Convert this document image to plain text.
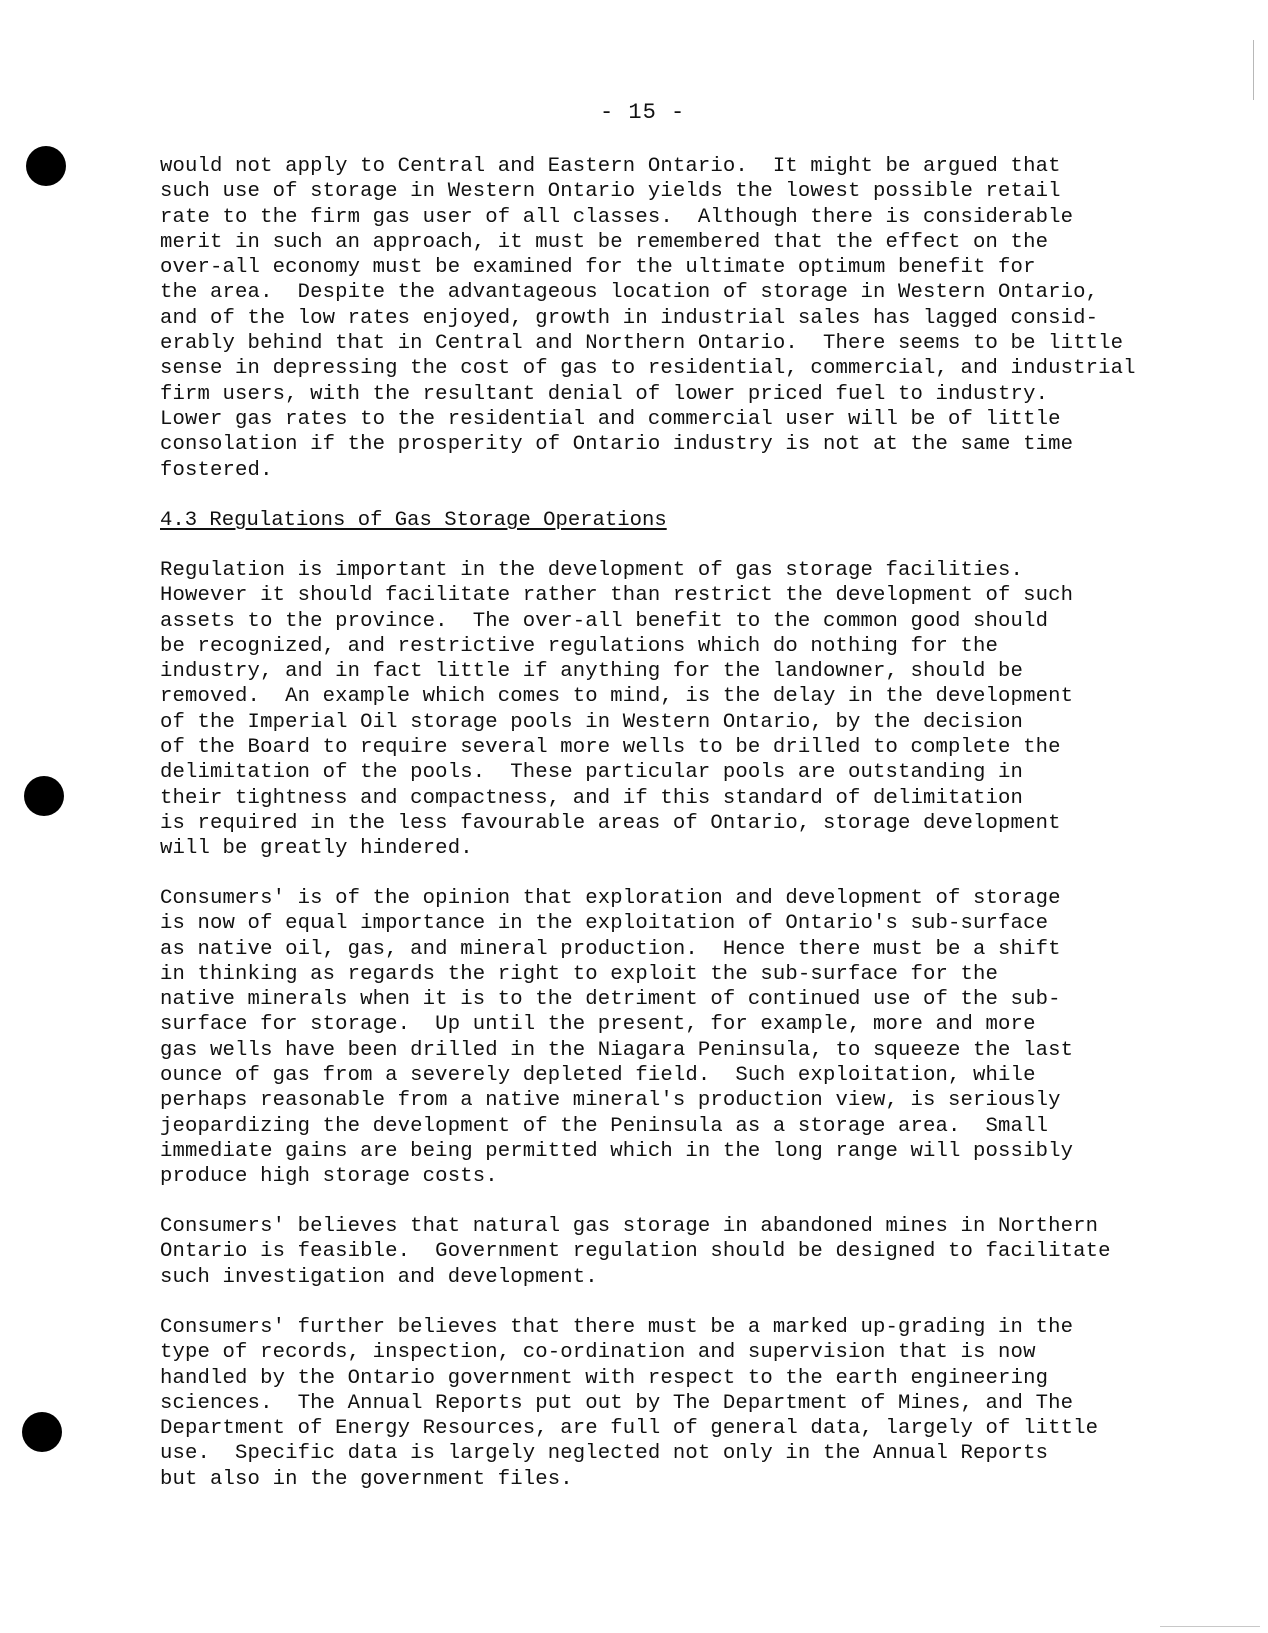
- 15 -
would not apply to Central and Eastern Ontario.  It might be argued that
such use of storage in Western Ontario yields the lowest possible retail
rate to the firm gas user of all classes.  Although there is considerable
merit in such an approach, it must be remembered that the effect on the
over-all economy must be examined for the ultimate optimum benefit for
the area.  Despite the advantageous location of storage in Western Ontario,
and of the low rates enjoyed, growth in industrial sales has lagged consid-
erably behind that in Central and Northern Ontario.  There seems to be little
sense in depressing the cost of gas to residential, commercial, and industrial
firm users, with the resultant denial of lower priced fuel to industry.
Lower gas rates to the residential and commercial user will be of little
consolation if the prosperity of Ontario industry is not at the same time
fostered.
4.3 Regulations of Gas Storage Operations
Regulation is important in the development of gas storage facilities.
However it should facilitate rather than restrict the development of such
assets to the province.  The over-all benefit to the common good should
be recognized, and restrictive regulations which do nothing for the
industry, and in fact little if anything for the landowner, should be
removed.  An example which comes to mind, is the delay in the development
of the Imperial Oil storage pools in Western Ontario, by the decision
of the Board to require several more wells to be drilled to complete the
delimitation of the pools.  These particular pools are outstanding in
their tightness and compactness, and if this standard of delimitation
is required in the less favourable areas of Ontario, storage development
will be greatly hindered.
Consumers' is of the opinion that exploration and development of storage
is now of equal importance in the exploitation of Ontario's sub-surface
as native oil, gas, and mineral production.  Hence there must be a shift
in thinking as regards the right to exploit the sub-surface for the
native minerals when it is to the detriment of continued use of the sub-
surface for storage.  Up until the present, for example, more and more
gas wells have been drilled in the Niagara Peninsula, to squeeze the last
ounce of gas from a severely depleted field.  Such exploitation, while
perhaps reasonable from a native mineral's production view, is seriously
jeopardizing the development of the Peninsula as a storage area.  Small
immediate gains are being permitted which in the long range will possibly
produce high storage costs.
Consumers' believes that natural gas storage in abandoned mines in Northern
Ontario is feasible.  Government regulation should be designed to facilitate
such investigation and development.
Consumers' further believes that there must be a marked up-grading in the
type of records, inspection, co-ordination and supervision that is now
handled by the Ontario government with respect to the earth engineering
sciences.  The Annual Reports put out by The Department of Mines, and The
Department of Energy Resources, are full of general data, largely of little
use.  Specific data is largely neglected not only in the Annual Reports
but also in the government files.
